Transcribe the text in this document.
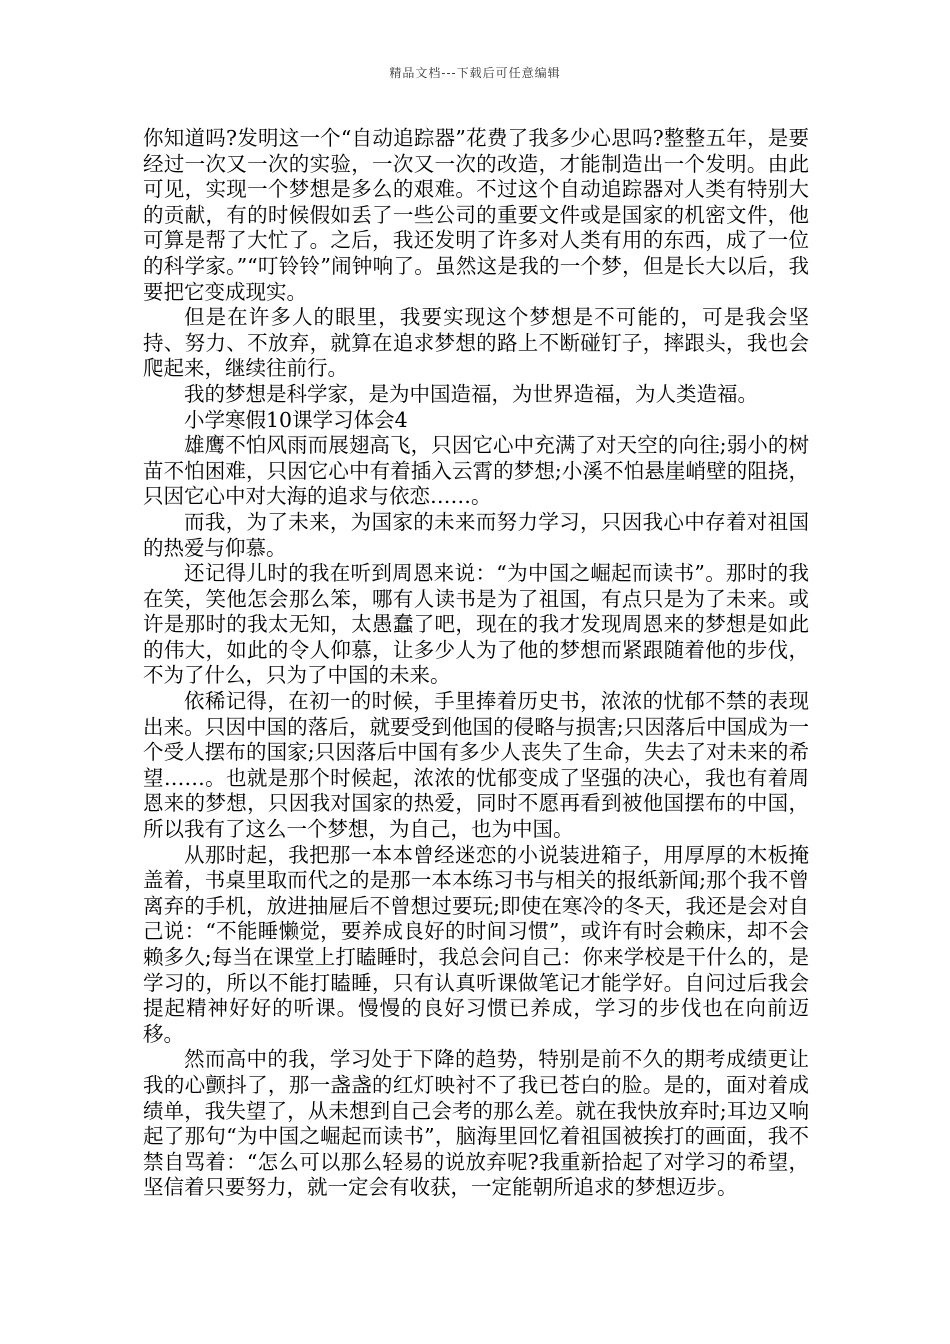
精品文档---下载后可任意编辑

你知道吗?发明这一个“自动追踪器”花费了我多少心思吗?整整五年，是要经过一次又一次的实验，一次又一次的改造，才能制造出一个发明。由此可见，实现一个梦想是多么的艰难。不过这个自动追踪器对人类有特别大的贡献，有的时候假如丢了一些公司的重要文件或是国家的机密文件，他可算是帮了大忙了。之后，我还发明了许多对人类有用的东西，成了一位的科学家。”“叮铃铃”闹钟响了。虽然这是我的一个梦，但是长大以后，我要把它变成现实。

但是在许多人的眼里，我要实现这个梦想是不可能的，可是我会坚持、努力、不放弃，就算在追求梦想的路上不断碰钉子，摔跟头，我也会爬起来，继续往前行。

我的梦想是科学家，是为中国造福，为世界造福，为人类造福。

小学寒假10课学习体会4

雄鹰不怕风雨而展翅高飞，只因它心中充满了对天空的向往;弱小的树苗不怕困难，只因它心中有着插入云霄的梦想;小溪不怕悬崖峭壁的阻挠，只因它心中对大海的追求与依恋……。

而我，为了未来，为国家的未来而努力学习，只因我心中存着对祖国的热爱与仰慕。

还记得儿时的我在听到周恩来说：“为中国之崛起而读书”。那时的我在笑，笑他怎会那么笨，哪有人读书是为了祖国，有点只是为了未来。或许是那时的我太无知，太愚蠢了吧，现在的我才发现周恩来的梦想是如此的伟大，如此的令人仰慕，让多少人为了他的梦想而紧跟随着他的步伐，不为了什么，只为了中国的未来。

依稀记得，在初一的时候，手里捧着历史书，浓浓的忧郁不禁的表现出来。只因中国的落后，就要受到他国的侵略与损害;只因落后中国成为一个受人摆布的国家;只因落后中国有多少人丧失了生命，失去了对未来的希望……。也就是那个时候起，浓浓的忧郁变成了坚强的决心，我也有着周恩来的梦想，只因我对国家的热爱，同时不愿再看到被他国摆布的中国，所以我有了这么一个梦想，为自己，也为中国。

从那时起，我把那一本本曾经迷恋的小说装进箱子，用厚厚的木板掩盖着，书桌里取而代之的是那一本本练习书与相关的报纸新闻;那个我不曾离弃的手机，放进抽屉后不曾想过要玩;即使在寒冷的冬天，我还是会对自己说：“不能睡懒觉，要养成良好的时间习惯”，或许有时会赖床，却不会赖多久;每当在课堂上打瞌睡时，我总会问自己：你来学校是干什么的，是学习的，所以不能打瞌睡，只有认真听课做笔记才能学好。自问过后我会提起精神好好的听课。慢慢的良好习惯已养成，学习的步伐也在向前迈移。

然而高中的我，学习处于下降的趋势，特别是前不久的期考成绩更让我的心颤抖了，那一盏盏的红灯映衬不了我已苍白的脸。是的，面对着成绩单，我失望了，从未想到自己会考的那么差。就在我快放弃时;耳边又响起了那句“为中国之崛起而读书”，脑海里回忆着祖国被挨打的画面，我不禁自骂着：“怎么可以那么轻易的说放弃呢?我重新拾起了对学习的希望，坚信着只要努力，就一定会有收获，一定能朝所追求的梦想迈步。
